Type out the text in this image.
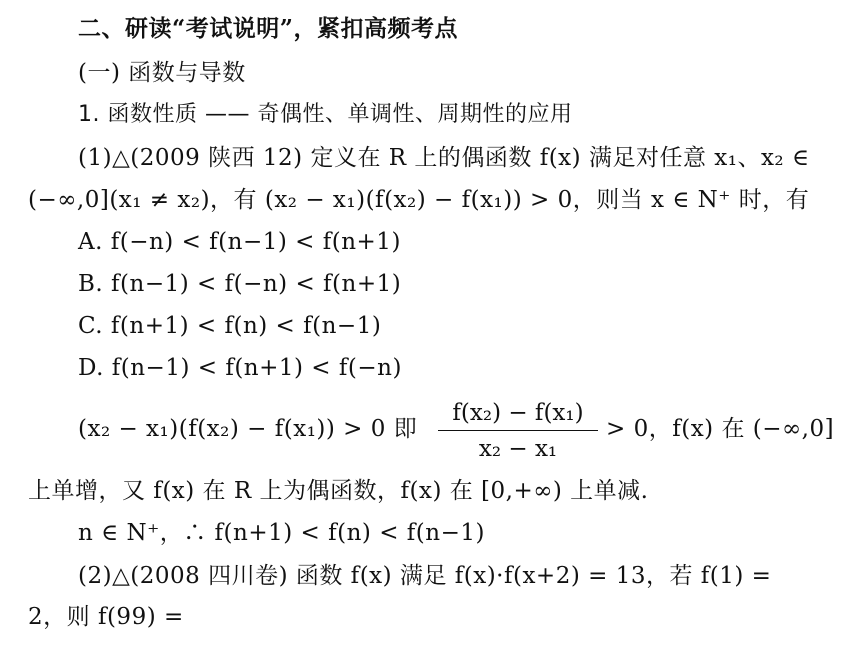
二、研读“考试说明”，紧扣高频考点
(一) 函数与导数
1. 函数性质 —— 奇偶性、单调性、周期性的应用
(1)△(2009 陕西 12) 定义在 R 上的偶函数 f(x) 满足对任意 x₁、x₂ ∈
(−∞,0](x₁ ≠ x₂)，有 (x₂ − x₁)(f(x₂) − f(x₁)) > 0，则当 x ∈ N⁺ 时，有
A. f(−n) < f(n−1) < f(n+1)
B. f(n−1) < f(−n) < f(n+1)
C. f(n+1) < f(n) < f(n−1)
D. f(n−1) < f(n+1) < f(−n)
(x₂ − x₁)(f(x₂) − f(x₁)) > 0 即
f(x₂) − f(x₁)
x₂ − x₁
> 0，f(x) 在 (−∞,0]
上单增，又 f(x) 在 R 上为偶函数，f(x) 在 [0,+∞) 上单减.
n ∈ N⁺，∴ f(n+1) < f(n) < f(n−1)
(2)△(2008 四川卷) 函数 f(x) 满足 f(x)·f(x+2) = 13，若 f(1) =
2，则 f(99) =
